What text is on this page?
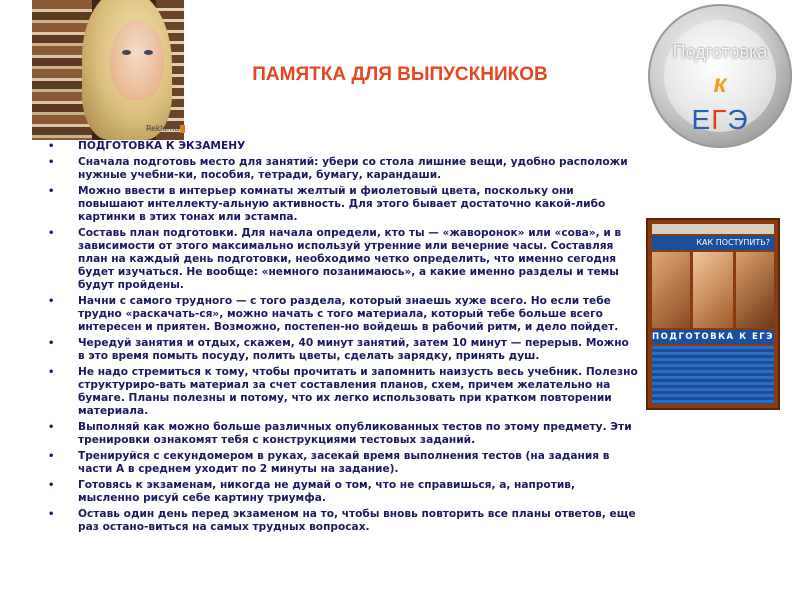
Reklama
ПАМЯТКА ДЛЯ ВЫПУСКНИКОВ
Подготовка
к
ЕГЭ
КАК ПОСТУПИТЬ?
ПОДГОТОВКА К ЕГЭ
•	ПОДГОТОВКА К ЭКЗАМЕНУ
•	Сначала подготовь место для занятий: убери со стола лишние вещи, удобно расположи нужные учебни-ки, пособия, тетради, бумагу, карандаши.
•	Можно ввести в интерьер комнаты желтый и фиолетовый цвета, поскольку они повышают интеллекту-альную активность. Для этого бывает достаточно какой-либо картинки в этих тонах или эстампа.
•	Составь план подготовки. Для начала определи, кто ты — «жаворонок» или «сова», и в зависимости от этого максимально используй утренние или вечерние часы. Составляя план на каждый день подготовки, необходимо четко определить, что именно сегодня будет изучаться. Не вообще: «немного позанимаюсь», а какие именно разделы и темы будут пройдены.
•	Начни с самого трудного — с того раздела, который знаешь хуже всего. Но если тебе трудно «раскачать-ся», можно начать с того материала, который тебе больше всего интересен и приятен. Возможно, постепен-но войдешь в рабочий ритм, и дело пойдет.
•	Чередуй занятия и отдых, скажем, 40 минут занятий, затем 10 минут — перерыв. Можно в это время помыть посуду, полить цветы, сделать зарядку, принять душ.
•	Не надо стремиться к тому, чтобы прочитать и запомнить наизусть весь учебник. Полезно структуриро-вать материал за счет составления планов, схем, причем желательно на бумаге. Планы полезны и потому, что их легко использовать при кратком повторении материала.
•	Выполняй как можно больше различных опубликованных тестов по этому предмету. Эти тренировки ознакомят тебя с конструкциями тестовых заданий.
•	Тренируйся с секундомером в руках, засекай время выполнения тестов (на задания в части А в среднем уходит по 2 минуты на задание).
•	Готовясь к экзаменам, никогда не думай о том, что не справишься, а, напротив, мысленно рисуй себе картину триумфа.
•	Оставь один день перед экзаменом на то, чтобы вновь повторить все планы ответов, еще раз остано-виться на самых трудных вопросах.
